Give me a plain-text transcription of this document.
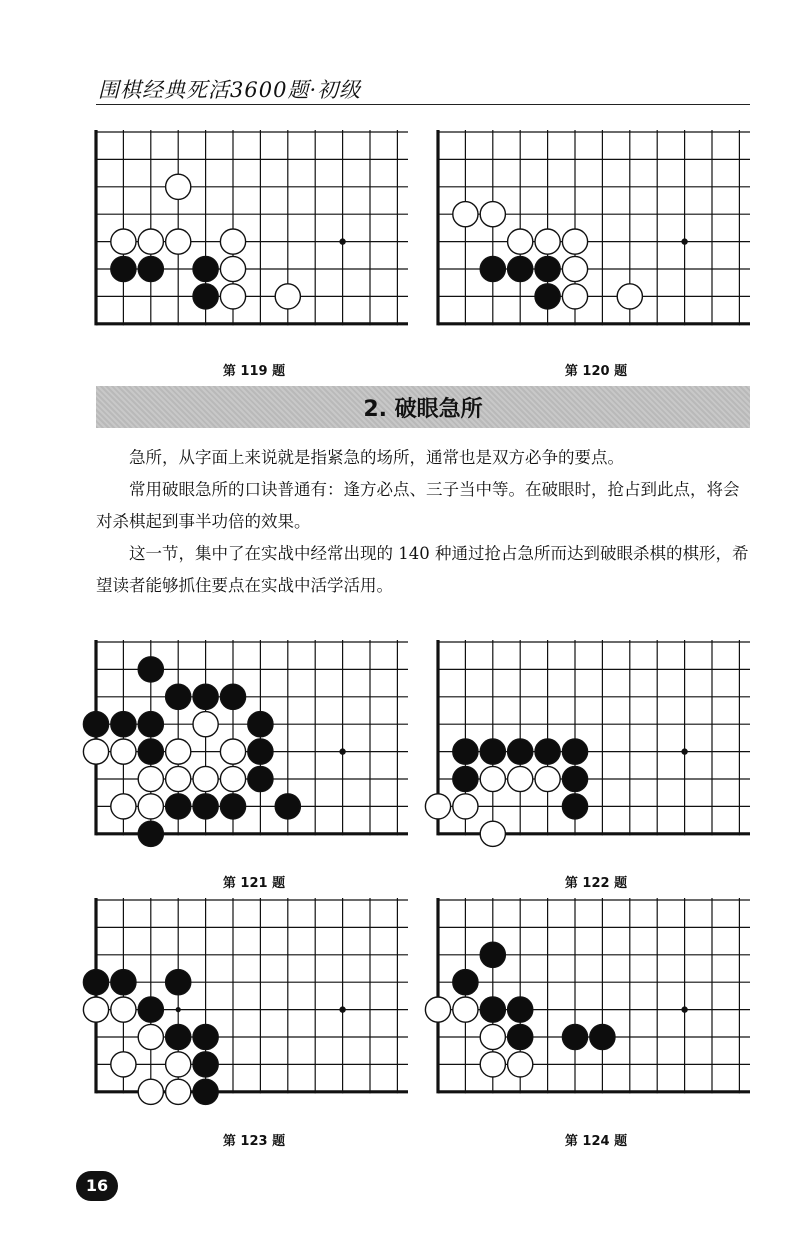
围棋经典死活3600题·初级
第 119 题	第 120 题
2. 破眼急所

急所，从字面上来说就是指紧急的场所，通常也是双方必争的要点。

常用破眼急所的口诀普通有：逢方必点、三子当中等。在破眼时，抢占到此点，将会对杀棋起到事半功倍的效果。

这一节，集中了在实战中经常出现的 140 种通过抢占急所而达到破眼杀棋的棋形，希望读者能够抓住要点在实战中活学活用。

第 121 题	第 122 题
第 123 题	第 124 题
16
